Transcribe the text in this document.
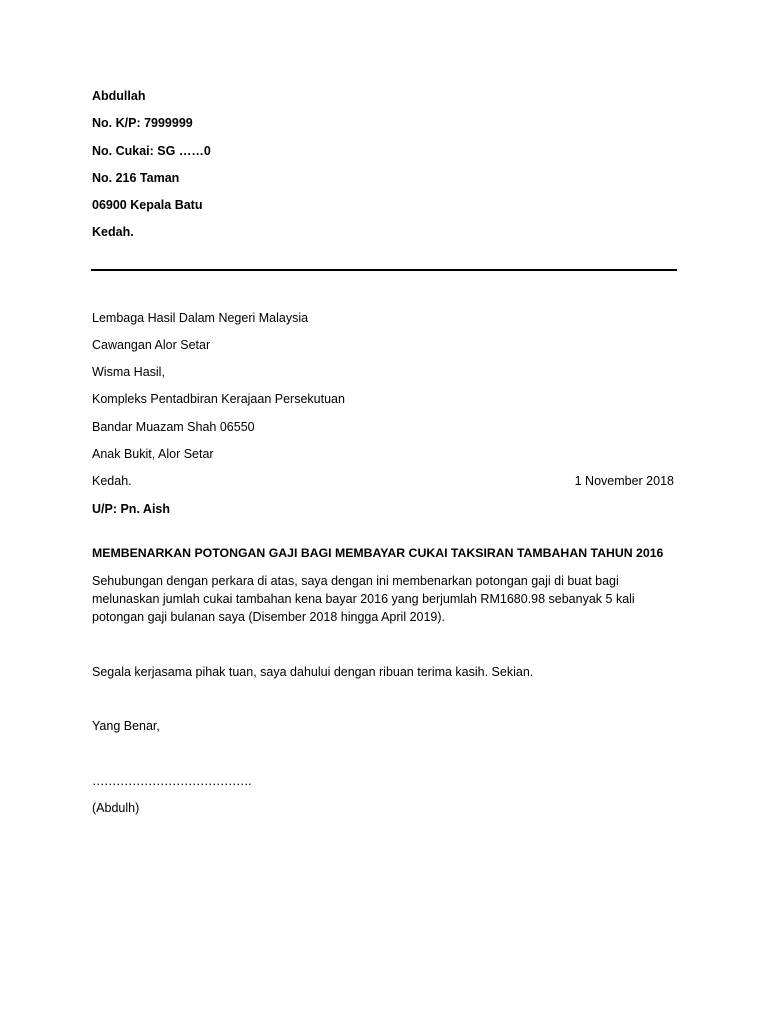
Abdullah
No. K/P: 7999999
No. Cukai: SG ……0
No. 216 Taman
06900 Kepala Batu
Kedah.
Lembaga Hasil Dalam Negeri Malaysia
Cawangan Alor Setar
Wisma Hasil,
Kompleks Pentadbiran Kerajaan Persekutuan
Bandar Muazam Shah 06550
Anak Bukit, Alor Setar
Kedah.	1 November 2018
U/P: Pn. Aish
MEMBENARKAN POTONGAN GAJI BAGI MEMBAYAR CUKAI TAKSIRAN TAMBAHAN TAHUN 2016
Sehubungan dengan perkara di atas, saya dengan ini membenarkan potongan gaji di buat bagi
melunaskan jumlah cukai tambahan kena bayar 2016 yang berjumlah RM1680.98 sebanyak 5 kali
potongan gaji bulanan saya (Disember 2018 hingga April 2019).
Segala kerjasama pihak tuan, saya dahului dengan ribuan terima kasih. Sekian.
Yang Benar,
………………………………….
(Abdulh)
